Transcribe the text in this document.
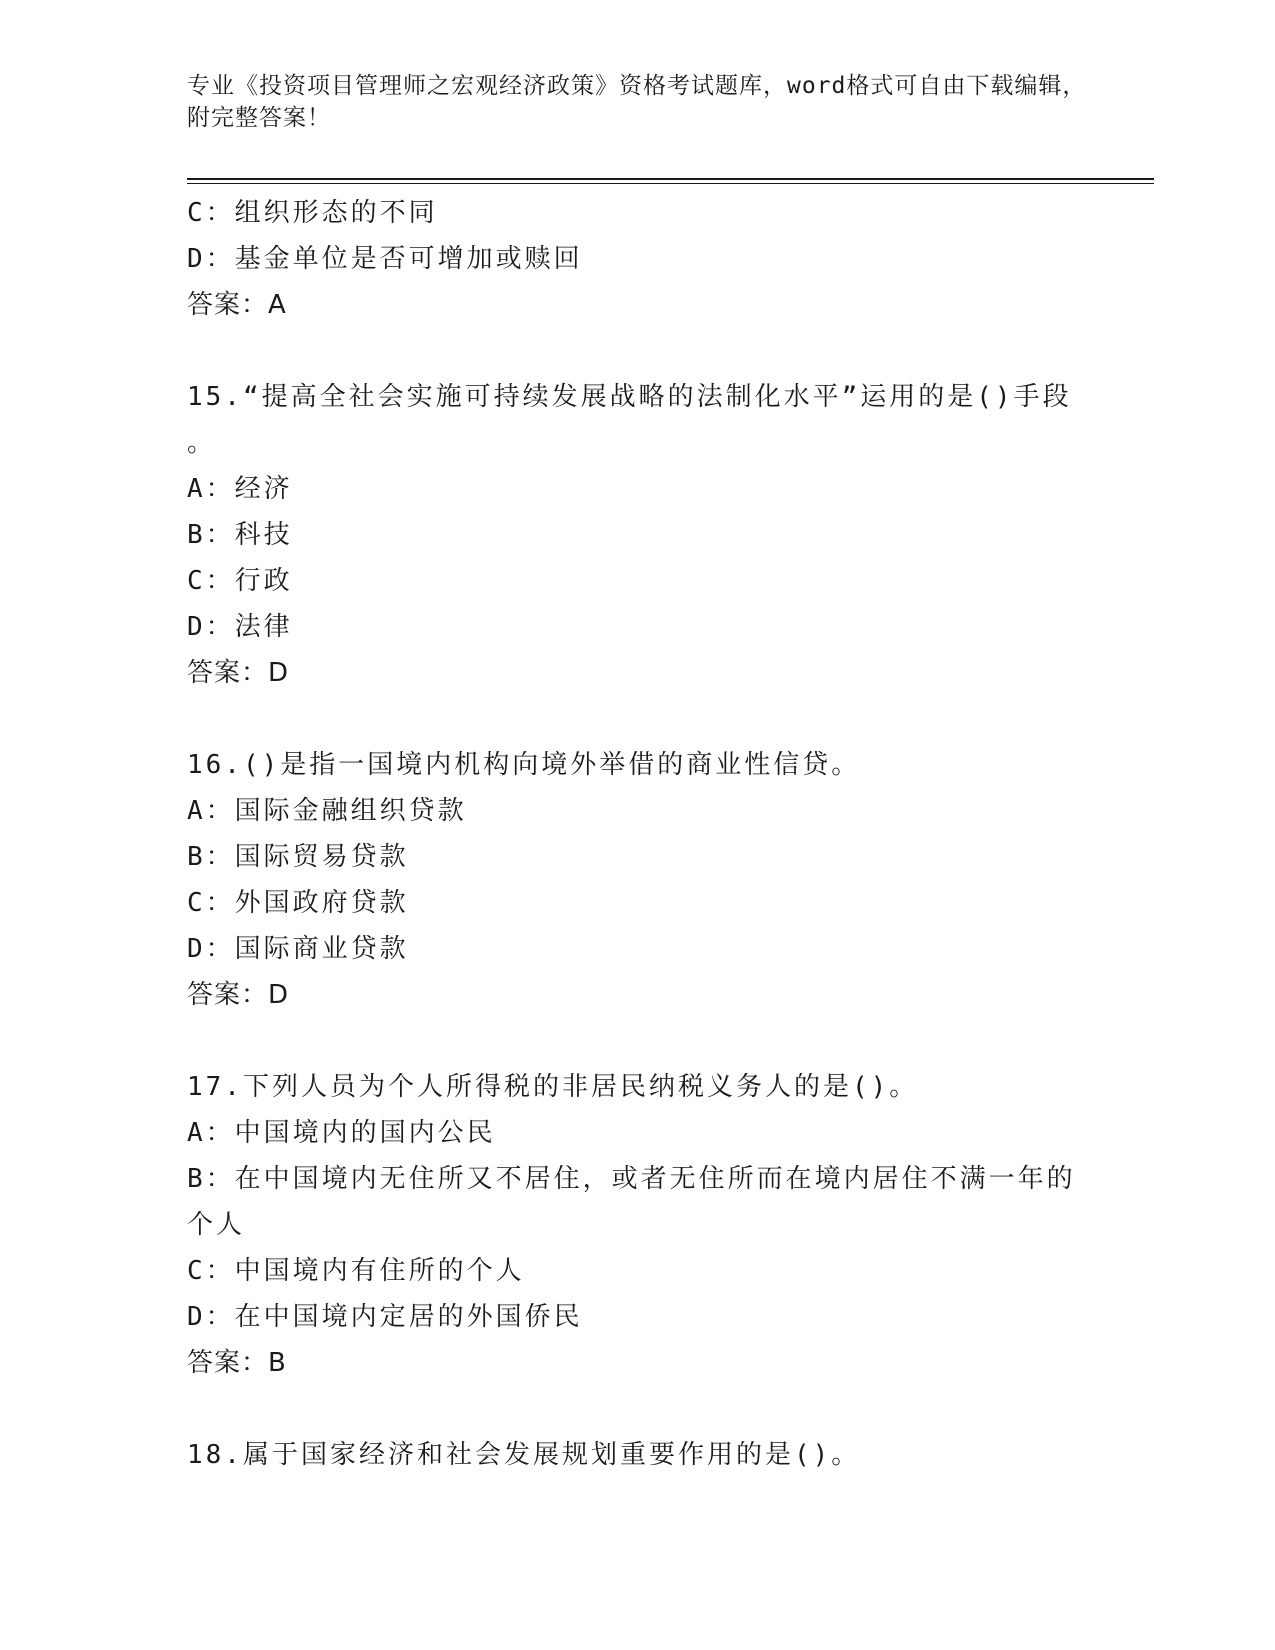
专业《投资项目管理师之宏观经济政策》资格考试题库，word格式可自由下载编辑，附完整答案！
C：组织形态的不同
D：基金单位是否可增加或赎回
答案：A
15.“提高全社会实施可持续发展战略的法制化水平”运用的是()手段
。
A：经济
B：科技
C：行政
D：法律
答案：D
16.()是指一国境内机构向境外举借的商业性信贷。
A：国际金融组织贷款
B：国际贸易贷款
C：外国政府贷款
D：国际商业贷款
答案：D
17.下列人员为个人所得税的非居民纳税义务人的是()。
A：中国境内的国内公民
B：在中国境内无住所又不居住，或者无住所而在境内居住不满一年的
个人
C：中国境内有住所的个人
D：在中国境内定居的外国侨民
答案：B
18.属于国家经济和社会发展规划重要作用的是()。
